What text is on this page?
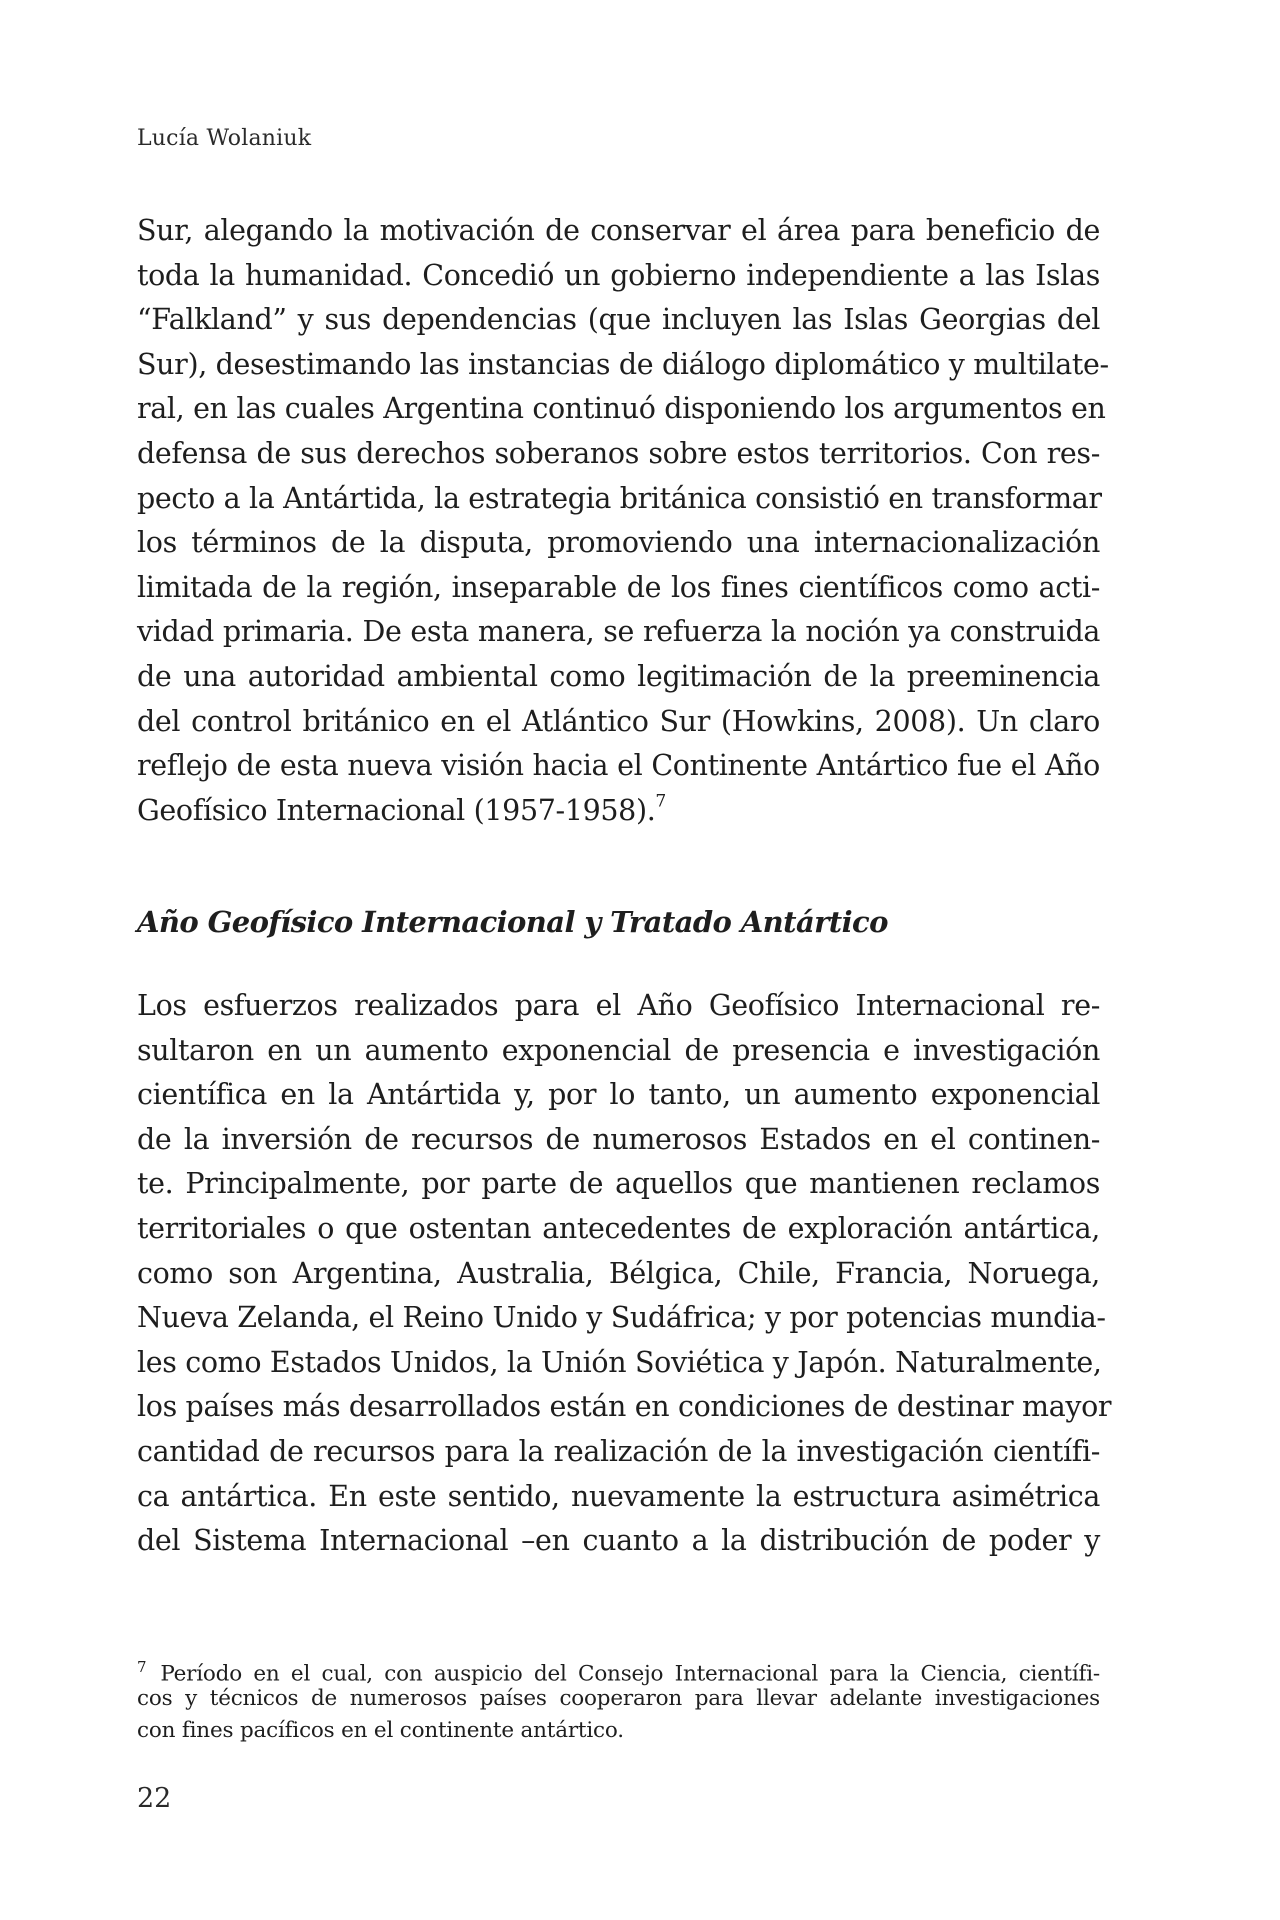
Lucía Wolaniuk
Sur, alegando la motivación de conservar el área para beneficio de
toda la humanidad. Concedió un gobierno independiente a las Islas
“Falkland” y sus dependencias (que incluyen las Islas Georgias del
Sur), desestimando las instancias de diálogo diplomático y multilate-
ral, en las cuales Argentina continuó disponiendo los argumentos en
defensa de sus derechos soberanos sobre estos territorios. Con res-
pecto a la Antártida, la estrategia británica consistió en transformar
los términos de la disputa, promoviendo una internacionalización
limitada de la región, inseparable de los fines científicos como acti-
vidad primaria. De esta manera, se refuerza la noción ya construida
de una autoridad ambiental como legitimación de la preeminencia
del control británico en el Atlántico Sur (Howkins, 2008). Un claro
reflejo de esta nueva visión hacia el Continente Antártico fue el Año
Geofísico Internacional (1957-1958).$^7$
Año Geofísico Internacional y Tratado Antártico
Los esfuerzos realizados para el Año Geofísico Internacional re-
sultaron en un aumento exponencial de presencia e investigación
científica en la Antártida y, por lo tanto, un aumento exponencial
de la inversión de recursos de numerosos Estados en el continen-
te. Principalmente, por parte de aquellos que mantienen reclamos
territoriales o que ostentan antecedentes de exploración antártica,
como son Argentina, Australia, Bélgica, Chile, Francia, Noruega,
Nueva Zelanda, el Reino Unido y Sudáfrica; y por potencias mundia-
les como Estados Unidos, la Unión Soviética y Japón. Naturalmente,
los países más desarrollados están en condiciones de destinar mayor
cantidad de recursos para la realización de la investigación científi-
ca antártica. En este sentido, nuevamente la estructura asimétrica
del Sistema Internacional –en cuanto a la distribución de poder y
$^7$ Período en el cual, con auspicio del Consejo Internacional para la Ciencia, científi-
cos y técnicos de numerosos países cooperaron para llevar adelante investigaciones
con fines pacíficos en el continente antártico.
22
